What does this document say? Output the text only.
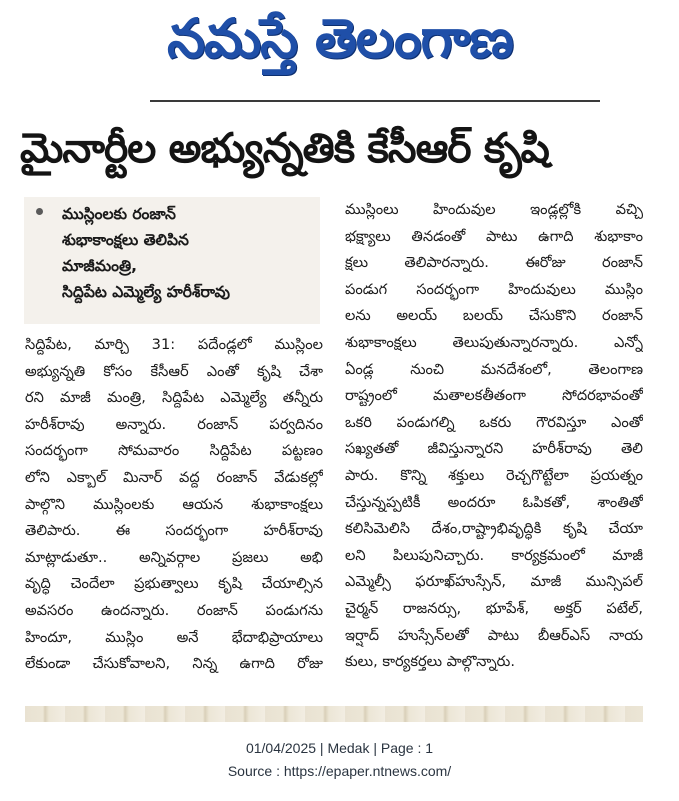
నమస్తే తెలంగాణ
మైనార్టీల అభ్యున్నతికి కేసీఆర్ కృషి
ముస్లింలకు రంజాన్
శుభాకాంక్షలు తెలిపిన
మాజీమంత్రి,
సిద్దిపేట ఎమ్మెల్యే హరీశ్‌రావు
సిద్దిపేట, మార్చి 31: పదేండ్లలో ముస్లింల
అభ్యున్నతి కోసం కేసీఆర్ ఎంతో కృషి చేశా
రని మాజీ మంత్రి, సిద్దిపేట ఎమ్మెల్యే తన్నీరు
హరీశ్‌రావు అన్నారు. రంజాన్ పర్వదినం
సందర్భంగా సోమవారం సిద్దిపేట పట్టణం
లోని ఎక్బాల్ మినార్ వద్ద రంజాన్ వేడుకల్లో
పాల్గొని ముస్లింలకు ఆయన శుభాకాంక్షలు
తెలిపారు. ఈ సందర్భంగా హరీశ్‌రావు
మాట్లాడుతూ.. అన్నివర్గాల ప్రజలు అభి
వృద్ధి చెందేలా ప్రభుత్వాలు కృషి చేయాల్సిన
అవసరం ఉందన్నారు. రంజాన్ పండుగను
హిందూ, ముస్లిం అనే భేదాభిప్రాయాలు
లేకుండా చేసుకోవాలని, నిన్న ఉగాది రోజు
ముస్లింలు హిందువుల ఇండ్లల్లోకి వచ్చి
భక్ష్యాలు తినడంతో పాటు ఉగాది శుభాకాం
క్షలు తెలిపారన్నారు. ఈరోజు రంజాన్
పండుగ సందర్భంగా హిందువులు ముస్లిం
లను అలయ్ బలయ్ చేసుకొని రంజాన్
శుభాకాంక్షలు తెలుపుతున్నారన్నారు. ఎన్నో
ఏండ్ల నుంచి మనదేశంలో, తెలంగాణ
రాష్ట్రంలో మతాలకతీతంగా సోదరభావంతో
ఒకరి పండుగల్ని ఒకరు గౌరవిస్తూ ఎంతో
సఖ్యతతో జీవిస్తున్నారని హరీశ్‌రావు తెలి
పారు. కొన్ని శక్తులు రెచ్చగొట్టేలా ప్రయత్నం
చేస్తున్నప్పటికీ అందరూ ఓపికతో, శాంతితో
కలిసిమెలిసి దేశం,రాష్ట్రాభివృద్ధికి కృషి చేయా
లని పిలుపునిచ్చారు. కార్యక్రమంలో మాజీ
ఎమ్మెల్సీ ఫరూఖ్‌హుస్సేన్, మాజీ మున్సిపల్
చైర్మన్ రాజనర్సు, భూపేశ్, అక్తర్ పటేల్,
ఇర్షాద్ హుస్సేన్‌లతో పాటు బీఆర్‌ఎస్ నాయ
కులు, కార్యకర్తలు పాల్గొన్నారు.
01/04/2025 | Medak | Page : 1
Source : https://epaper.ntnews.com/
